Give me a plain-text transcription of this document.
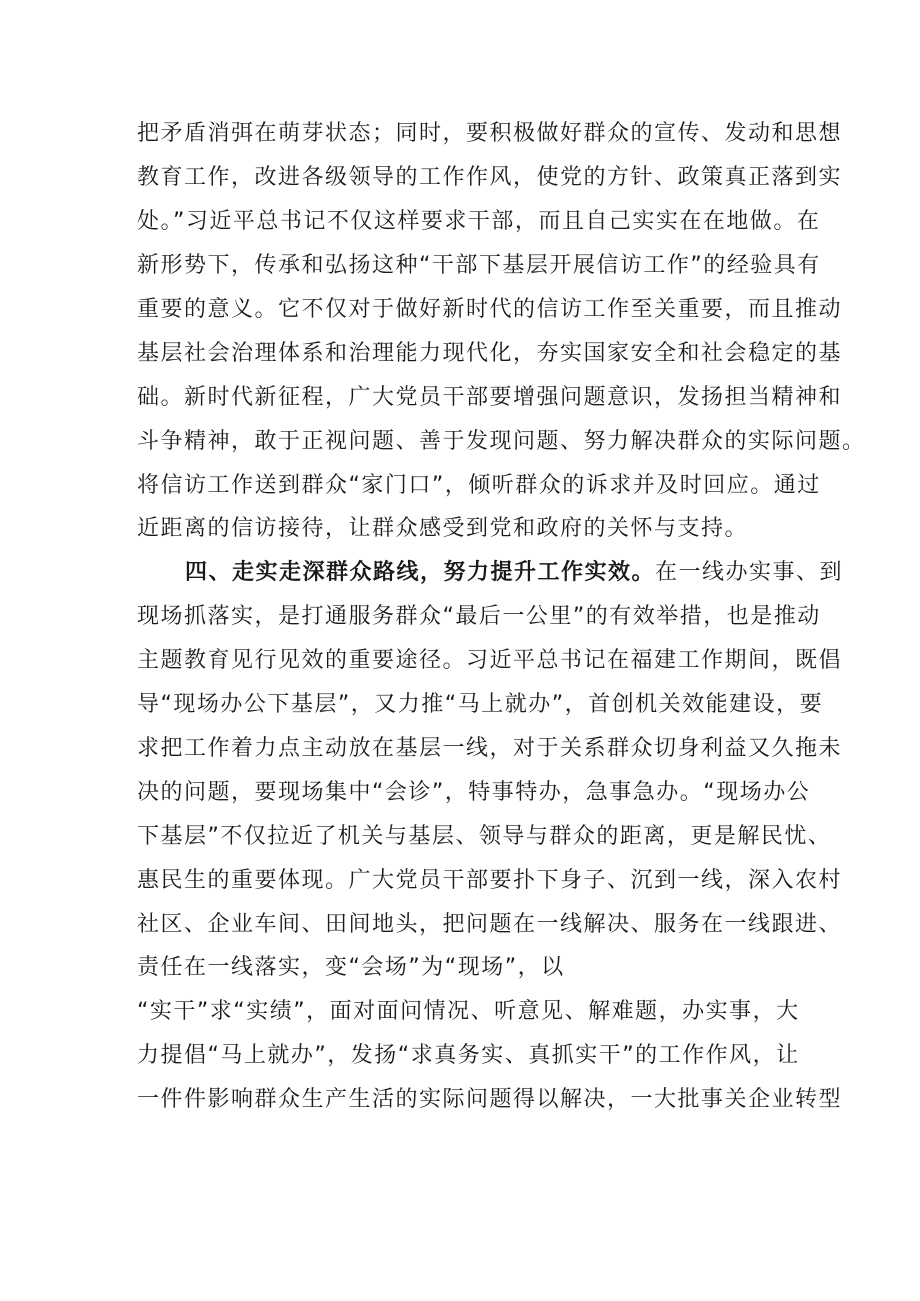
把矛盾消弭在萌芽状态；同时，要积极做好群众的宣传、发动和思想
教育工作，改进各级领导的工作作风，使党的方针、政策真正落到实
处。”习近平总书记不仅这样要求干部，而且自己实实在在地做。在
新形势下，传承和弘扬这种“干部下基层开展信访工作”的经验具有
重要的意义。它不仅对于做好新时代的信访工作至关重要，而且推动
基层社会治理体系和治理能力现代化，夯实国家安全和社会稳定的基
础。新时代新征程，广大党员干部要增强问题意识，发扬担当精神和
斗争精神，敢于正视问题、善于发现问题、努力解决群众的实际问题。
将信访工作送到群众“家门口”，倾听群众的诉求并及时回应。通过
近距离的信访接待，让群众感受到党和政府的关怀与支持。
四、走实走深群众路线，努力提升工作实效。在一线办实事、到
现场抓落实，是打通服务群众“最后一公里”的有效举措，也是推动
主题教育见行见效的重要途径。习近平总书记在福建工作期间，既倡
导“现场办公下基层”，又力推“马上就办”，首创机关效能建设，要
求把工作着力点主动放在基层一线，对于关系群众切身利益又久拖未
决的问题，要现场集中“会诊”，特事特办，急事急办。“现场办公
下基层”不仅拉近了机关与基层、领导与群众的距离，更是解民忧、
惠民生的重要体现。广大党员干部要扑下身子、沉到一线，深入农村
社区、企业车间、田间地头，把问题在一线解决、服务在一线跟进、
责任在一线落实，变“会场”为“现场”，以
“实干”求“实绩”，面对面问情况、听意见、解难题，办实事，大
力提倡“马上就办”，发扬“求真务实、真抓实干”的工作作风，让
一件件影响群众生产生活的实际问题得以解决，一大批事关企业转型
